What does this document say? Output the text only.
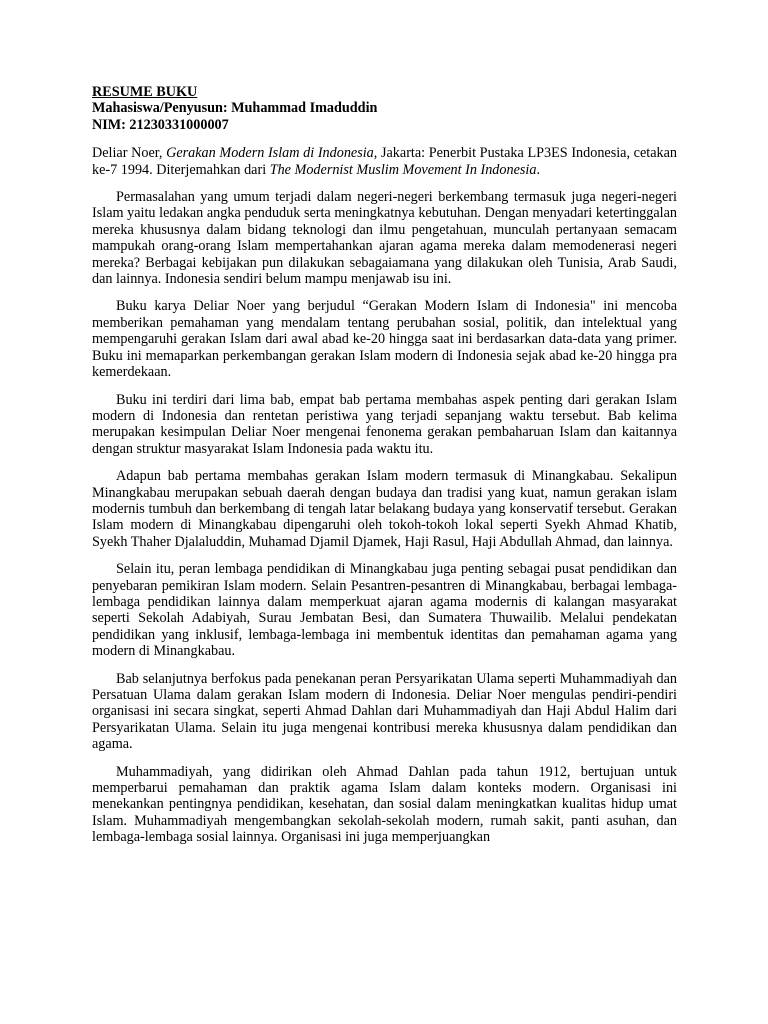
RESUME BUKU

Mahasiswa/Penyusun: Muhammad Imaduddin

NIM: 21230331000007

Deliar Noer, Gerakan Modern Islam di Indonesia, Jakarta: Penerbit Pustaka LP3ES Indonesia, cetakan ke-7 1994. Diterjemahkan dari The Modernist Muslim Movement In Indonesia.

Permasalahan yang umum terjadi dalam negeri-negeri berkembang termasuk juga negeri-negeri Islam yaitu ledakan angka penduduk serta meningkatnya kebutuhan. Dengan menyadari ketertinggalan mereka khususnya dalam bidang teknologi dan ilmu pengetahuan, munculah pertanyaan semacam mampukah orang-orang Islam mempertahankan ajaran agama mereka dalam memodenerasi negeri mereka? Berbagai kebijakan pun dilakukan sebagaiamana yang dilakukan oleh Tunisia, Arab Saudi, dan lainnya. Indonesia sendiri belum mampu menjawab isu ini.

Buku karya Deliar Noer yang berjudul “Gerakan Modern Islam di Indonesia" ini mencoba memberikan pemahaman yang mendalam tentang perubahan sosial, politik, dan intelektual yang mempengaruhi gerakan Islam dari awal abad ke-20 hingga saat ini berdasarkan data-data yang primer. Buku ini memaparkan perkembangan gerakan Islam modern di Indonesia sejak abad ke-20 hingga pra kemerdekaan.

Buku ini terdiri dari lima bab, empat bab pertama membahas aspek penting dari gerakan Islam modern di Indonesia dan rentetan peristiwa yang terjadi sepanjang waktu tersebut. Bab kelima merupakan kesimpulan Deliar Noer mengenai fenonema gerakan pembaharuan Islam dan kaitannya dengan struktur masyarakat Islam Indonesia pada waktu itu.

Adapun bab pertama membahas gerakan Islam modern termasuk di Minangkabau. Sekalipun Minangkabau merupakan sebuah daerah dengan budaya dan tradisi yang kuat, namun gerakan islam modernis tumbuh dan berkembang di tengah latar belakang budaya yang konservatif tersebut. Gerakan Islam modern di Minangkabau dipengaruhi oleh tokoh-tokoh lokal seperti Syekh Ahmad Khatib, Syekh Thaher Djalaluddin, Muhamad Djamil Djamek, Haji Rasul, Haji Abdullah Ahmad, dan lainnya.

Selain itu, peran lembaga pendidikan di Minangkabau juga penting sebagai pusat pendidikan dan penyebaran pemikiran Islam modern. Selain Pesantren-pesantren di Minangkabau, berbagai lembaga-lembaga pendidikan lainnya dalam memperkuat ajaran agama modernis di kalangan masyarakat seperti Sekolah Adabiyah, Surau Jembatan Besi, dan Sumatera Thuwailib. Melalui pendekatan pendidikan yang inklusif, lembaga-lembaga ini membentuk identitas dan pemahaman agama yang modern di Minangkabau.

Bab selanjutnya berfokus pada penekanan peran Persyarikatan Ulama seperti Muhammadiyah dan Persatuan Ulama dalam gerakan Islam modern di Indonesia. Deliar Noer mengulas pendiri-pendiri organisasi ini secara singkat, seperti Ahmad Dahlan dari Muhammadiyah dan Haji Abdul Halim dari Persyarikatan Ulama. Selain itu juga mengenai kontribusi mereka khususnya dalam pendidikan dan agama.

Muhammadiyah, yang didirikan oleh Ahmad Dahlan pada tahun 1912, bertujuan untuk memperbarui pemahaman dan praktik agama Islam dalam konteks modern. Organisasi ini menekankan pentingnya pendidikan, kesehatan, dan sosial dalam meningkatkan kualitas hidup umat Islam. Muhammadiyah mengembangkan sekolah-sekolah modern, rumah sakit, panti asuhan, dan lembaga-lembaga sosial lainnya. Organisasi ini juga memperjuangkan
